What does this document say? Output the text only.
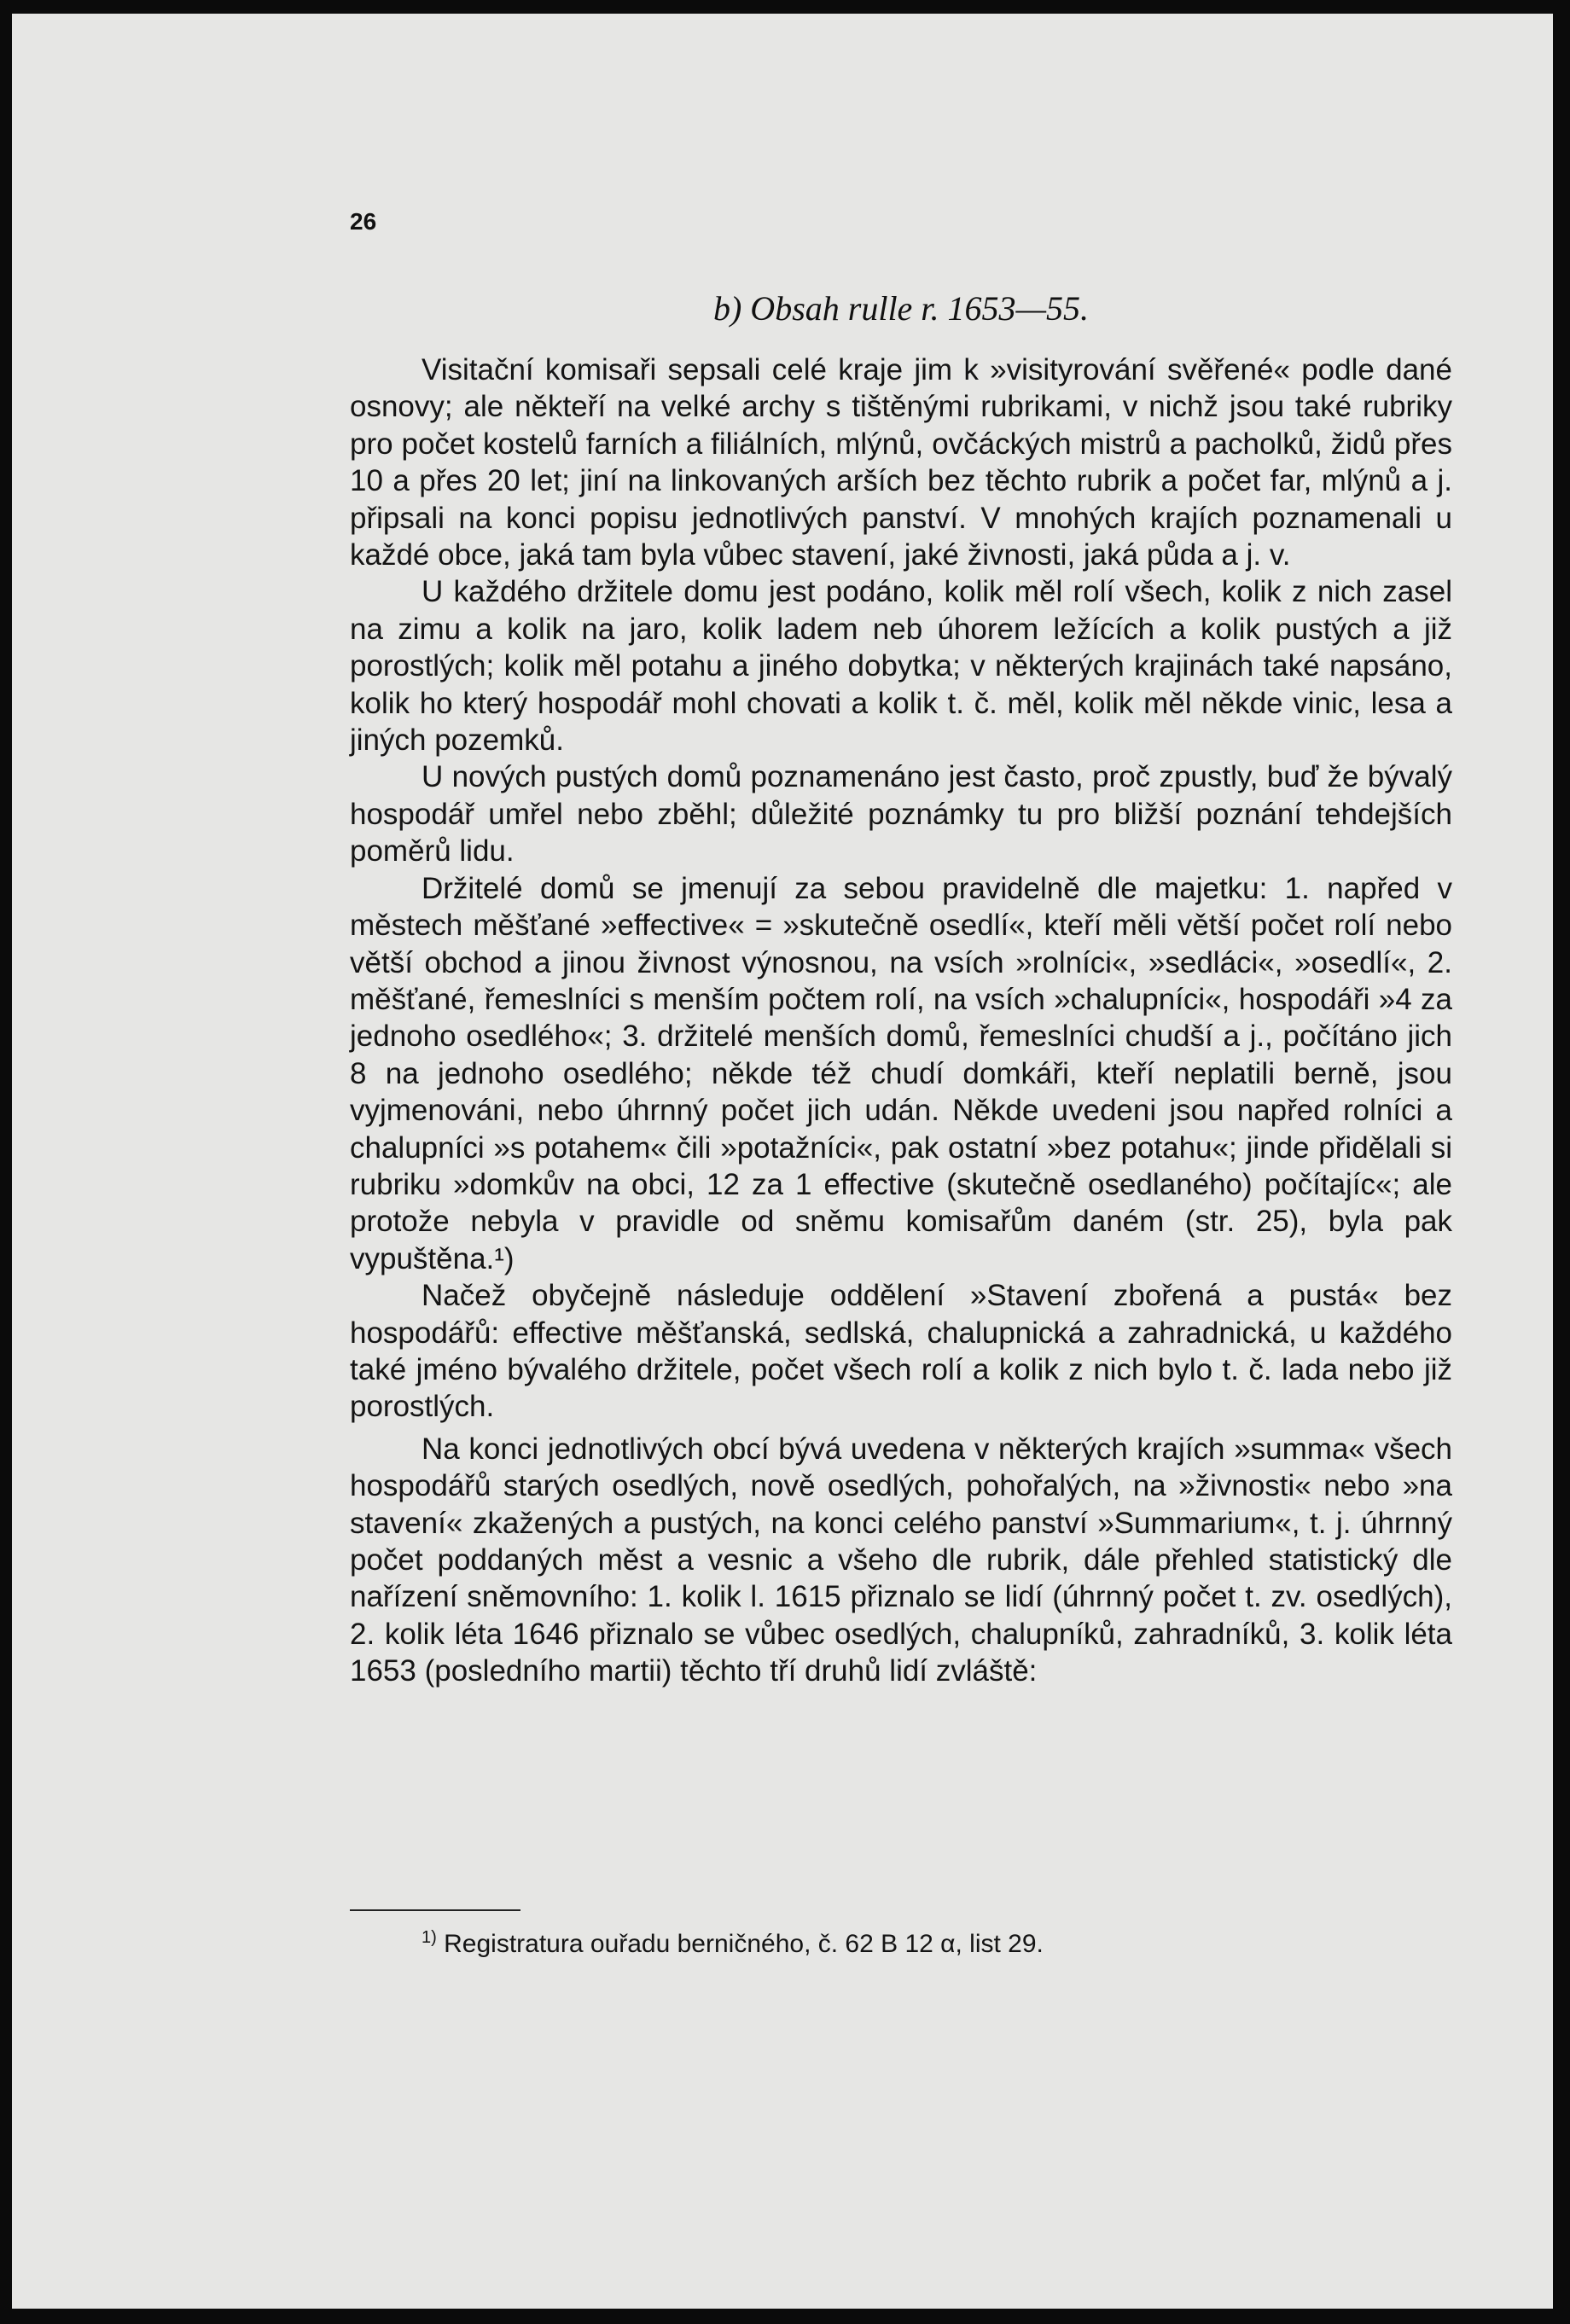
26
b) Obsah rulle r. 1653—55.

Visitační komisaři sepsali celé kraje jim k »visityrování svěřené« podle dané osnovy; ale někteří na velké archy s tištěnými rubrikami, v nichž jsou také rubriky pro počet kostelů farních a filiálních, mlýnů, ovčáckých mistrů a pacholků, židů přes 10 a přes 20 let; jiní na linkovaných arších bez těchto rubrik a počet far, mlýnů a j. připsali na konci popisu jednotlivých panství. V mnohých krajích poznamenali u každé obce, jaká tam byla vůbec stavení, jaké živnosti, jaká půda a j. v.

U každého držitele domu jest podáno, kolik měl rolí všech, kolik z nich zasel na zimu a kolik na jaro, kolik ladem neb úhorem ležících a kolik pustých a již porostlých; kolik měl potahu a jiného dobytka; v některých krajinách také napsáno, kolik ho který hospodář mohl chovati a kolik t. č. měl, kolik měl někde vinic, lesa a jiných pozemků.

U nových pustých domů poznamenáno jest často, proč zpustly, buď že bývalý hospodář umřel nebo zběhl; důležité poznámky tu pro bližší poznání tehdejších poměrů lidu.

Držitelé domů se jmenují za sebou pravidelně dle majetku: 1. napřed v městech měšťané »effective« = »skutečně osedlí«, kteří měli větší počet rolí nebo větší obchod a jinou živnost výnosnou, na vsích »rolníci«, »sedláci«, »osedlí«, 2. měšťané, řemeslníci s menším počtem rolí, na vsích »chalupníci«, hospodáři »4 za jednoho osedlého«; 3. držitelé menších domů, řemeslníci chudší a j., počítáno jich 8 na jednoho osedlého; někde též chudí domkáři, kteří neplatili berně, jsou vyjmenováni, nebo úhrnný počet jich udán. Někde uvedeni jsou napřed rolníci a chalupníci »s potahem« čili »potažníci«, pak ostatní »bez potahu«; jinde přidělali si rubriku »domkův na obci, 12 za 1 effective (skutečně osedlaného) počítajíc«; ale protože nebyla v pravidle od sněmu komisařům daném (str. 25), byla pak vypuštěna.¹)

Načež obyčejně následuje oddělení »Stavení zbořená a pustá« bez hospodářů: effective měšťanská, sedlská, chalupnická a zahradnická, u každého také jméno bývalého držitele, počet všech rolí a kolik z nich bylo t. č. lada nebo již porostlých.

Na konci jednotlivých obcí bývá uvedena v některých krajích »summa« všech hospodářů starých osedlých, nově osedlých, pohořalých, na »živnosti« nebo »na stavení« zkažených a pustých, na konci celého panství »Summarium«, t. j. úhrnný počet poddaných měst a vesnic a všeho dle rubrik, dále přehled statistický dle nařízení sněmovního: 1. kolik l. 1615 přiznalo se lidí (úhrnný počet t. zv. osedlých), 2. kolik léta 1646 přiznalo se vůbec osedlých, chalupníků, zahradníků, 3. kolik léta 1653 (posledního martii) těchto tří druhů lidí zvláště:

$^{1)}$ Registratura ouřadu berničného, č. 62 B 12 α, list 29.
